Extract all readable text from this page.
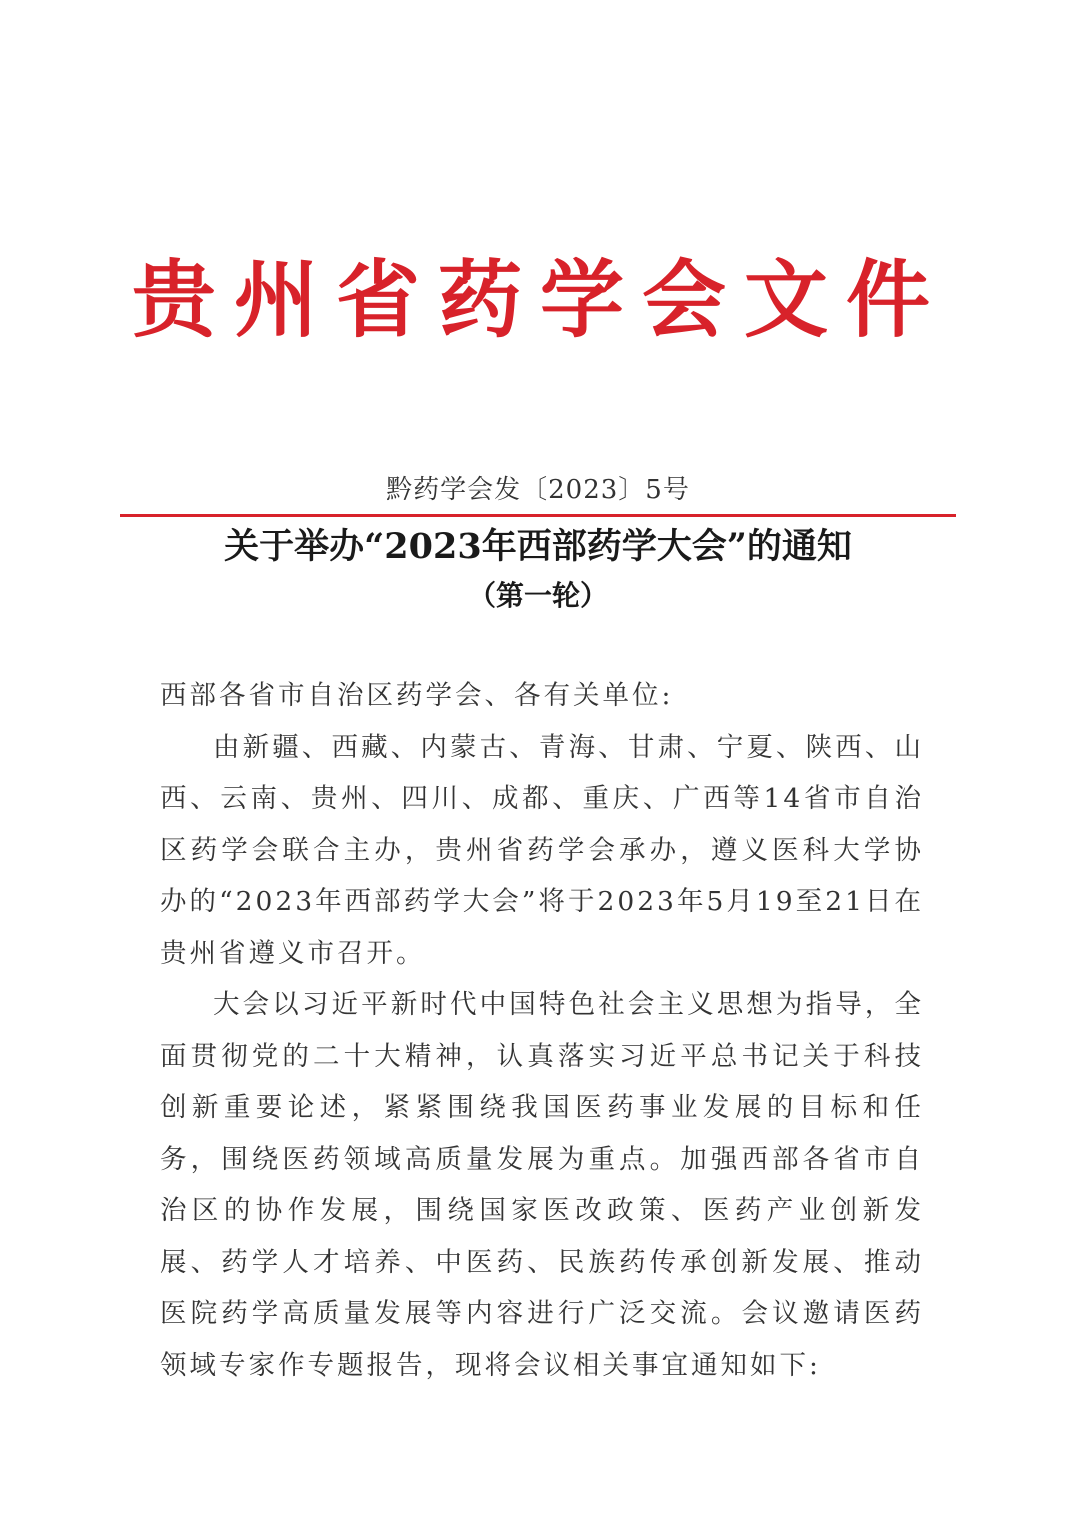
贵州省药学会文件
黔药学会发〔2023〕5号
关于举办“2023年西部药学大会”的通知
（第一轮）

西部各省市自治区药学会、各有关单位:

由新疆、西藏、内蒙古、青海、甘肃、宁夏、陕西、山西、云南、贵州、四川、成都、重庆、广西等14省市自治区药学会联合主办，贵州省药学会承办，遵义医科大学协办的“2023年西部药学大会”将于2023年5月19至21日在贵州省遵义市召开。

大会以习近平新时代中国特色社会主义思想为指导，全面贯彻党的二十大精神，认真落实习近平总书记关于科技创新重要论述，紧紧围绕我国医药事业发展的目标和任务，围绕医药领域高质量发展为重点。加强西部各省市自治区的协作发展，围绕国家医改政策、医药产业创新发展、药学人才培养、中医药、民族药传承创新发展、推动医院药学高质量发展等内容进行广泛交流。会议邀请医药领域专家作专题报告，现将会议相关事宜通知如下:
